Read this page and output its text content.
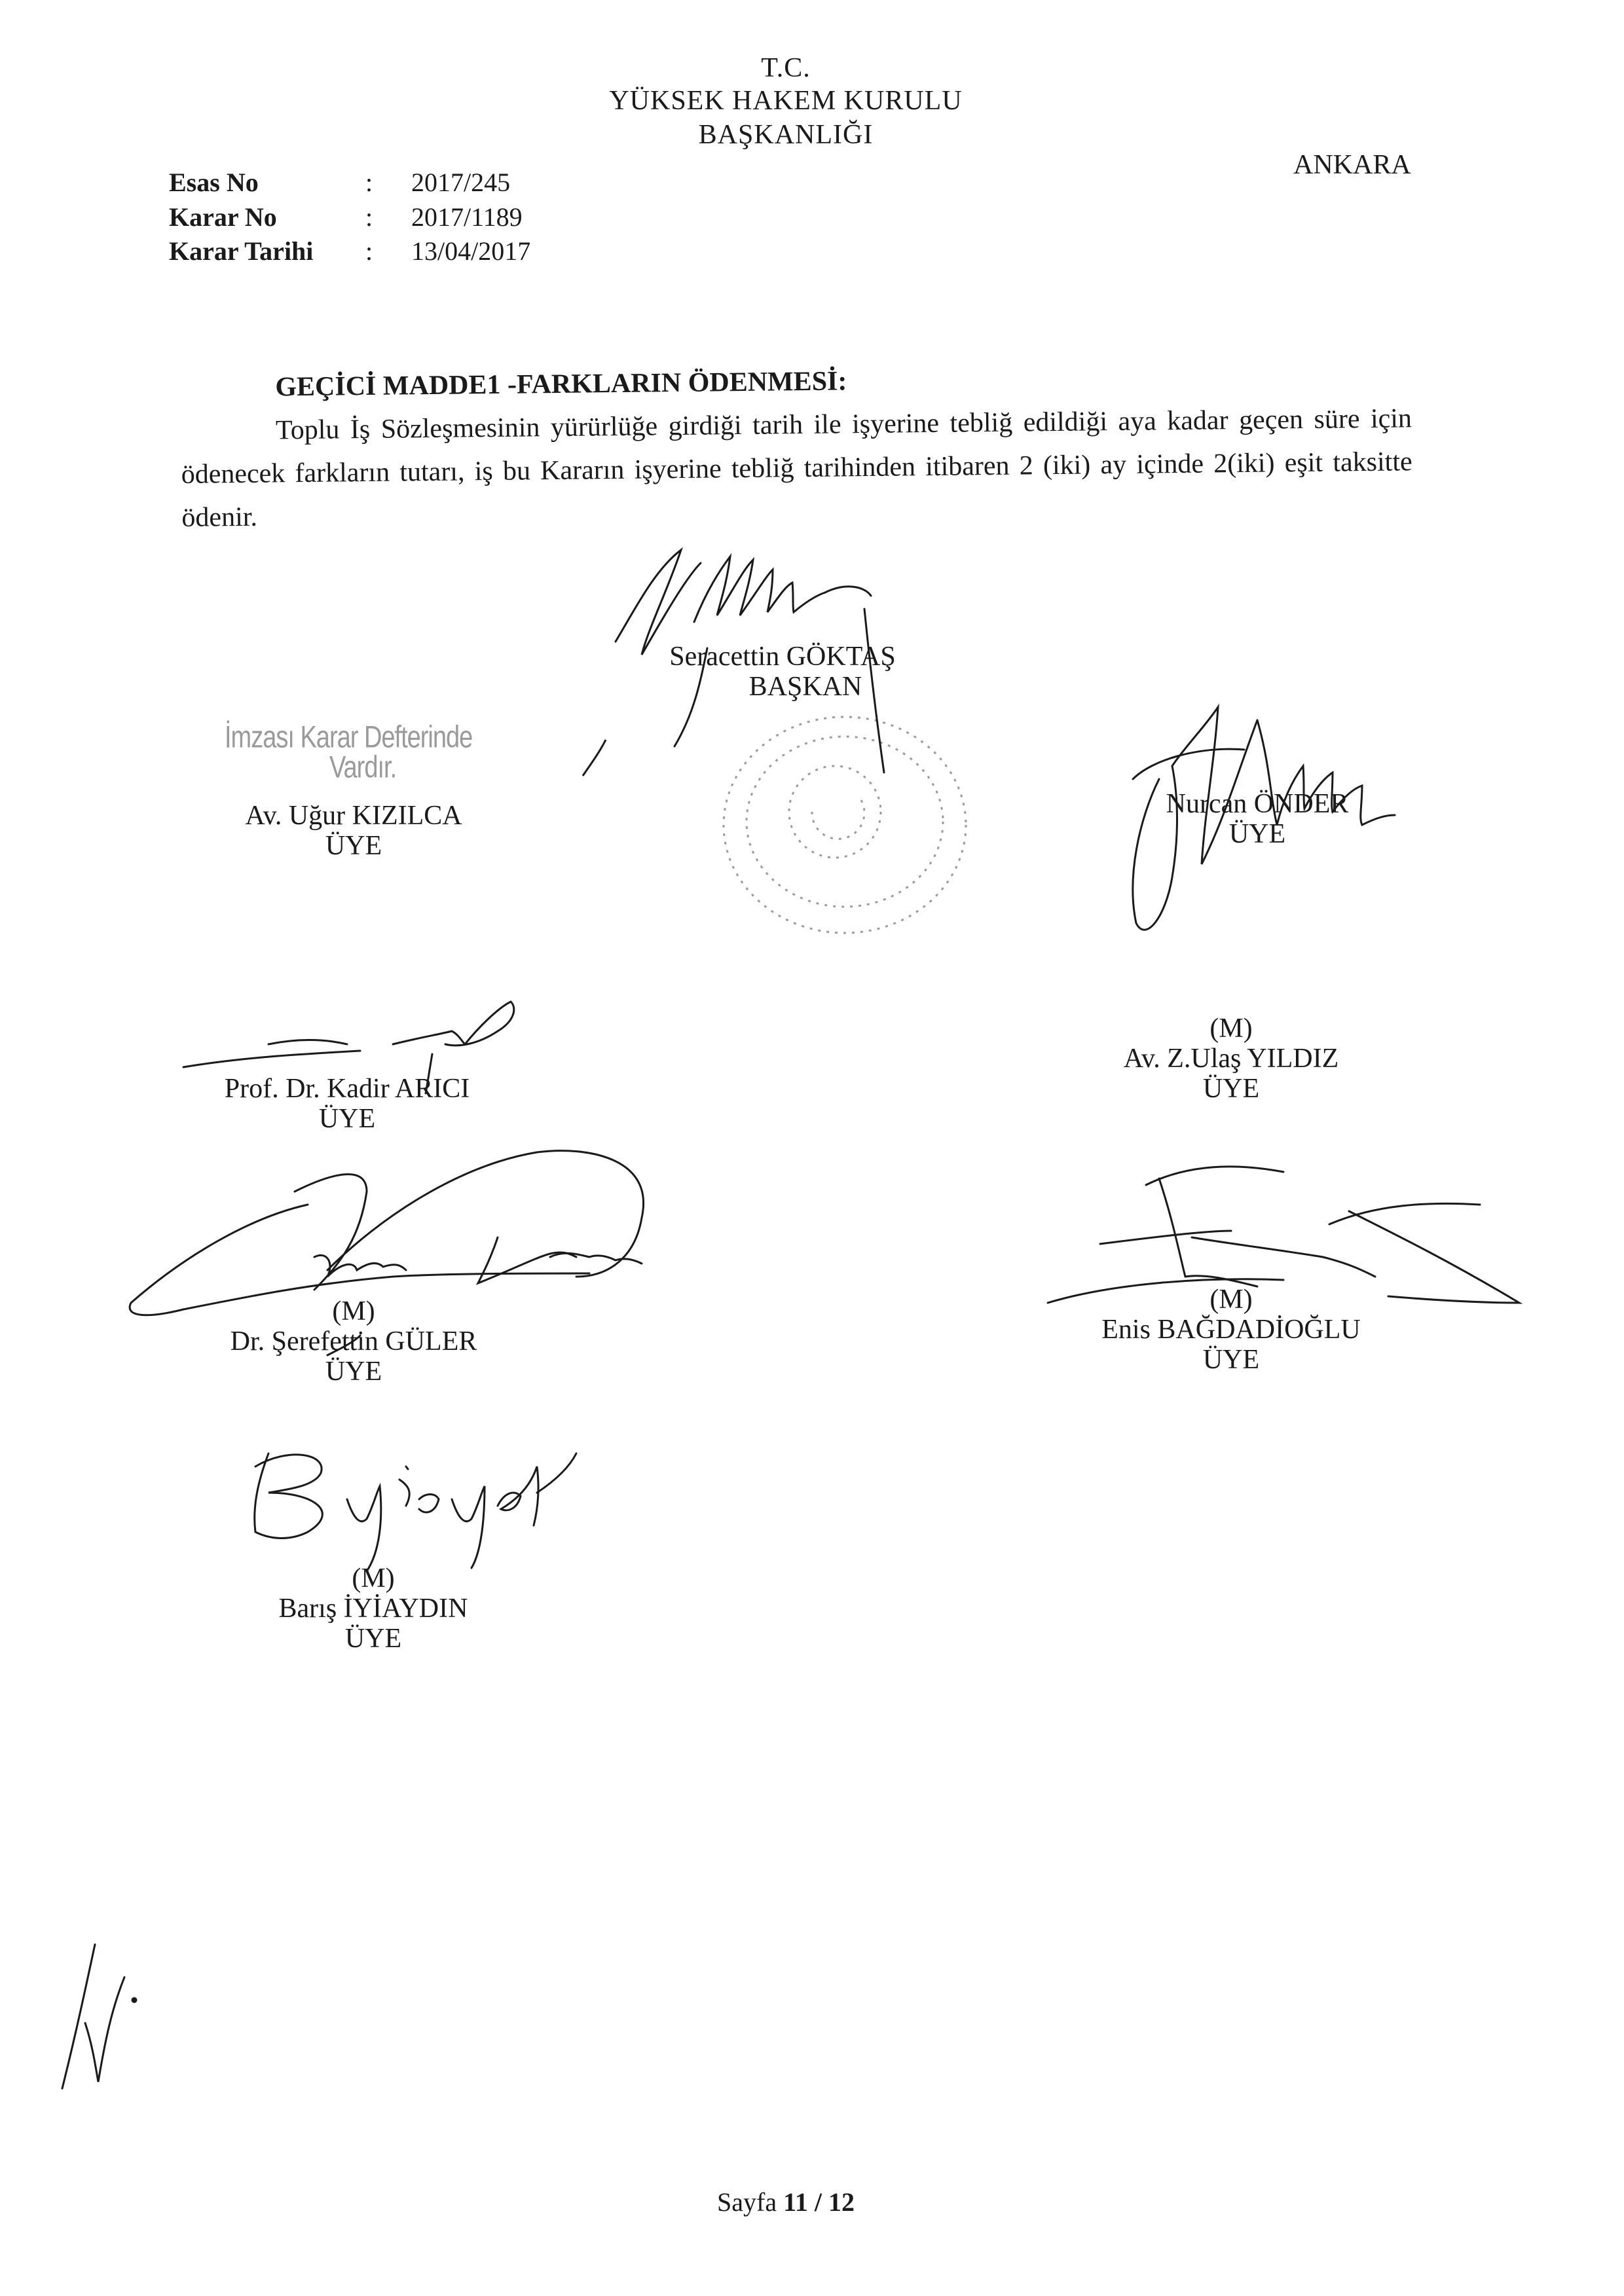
T.C.
YÜKSEK HAKEM KURULU
BAŞKANLIĞI
ANKARA
Esas No	: 2017/245
Karar No	: 2017/1189
Karar Tarihi : 13/04/2017
GEÇİCİ MADDE1 -FARKLARIN ÖDENMESİ:
Toplu İş Sözleşmesinin yürürlüğe girdiği tarih ile işyerine tebliğ edildiği aya kadar geçen süre için ödenecek farkların tutarı, iş bu Kararın işyerine tebliğ tarihinden itibaren 2 (iki) ay içinde 2(iki) eşit taksitte ödenir.
İmzası Karar Defterinde
Vardır.
Seracettin GÖKTAŞ
BAŞKAN
Av. Uğur KIZILCA
ÜYE
Nurcan ÖNDER
ÜYE
Prof. Dr. Kadir ARICI
ÜYE
(M)
Av. Z.Ulaş YILDIZ
ÜYE
(M)
Dr. Şerefettin GÜLER
ÜYE
(M)
Enis BAĞDADİOĞLU
ÜYE
(M)
Barış İYİAYDIN
ÜYE
Sayfa 11 / 12
